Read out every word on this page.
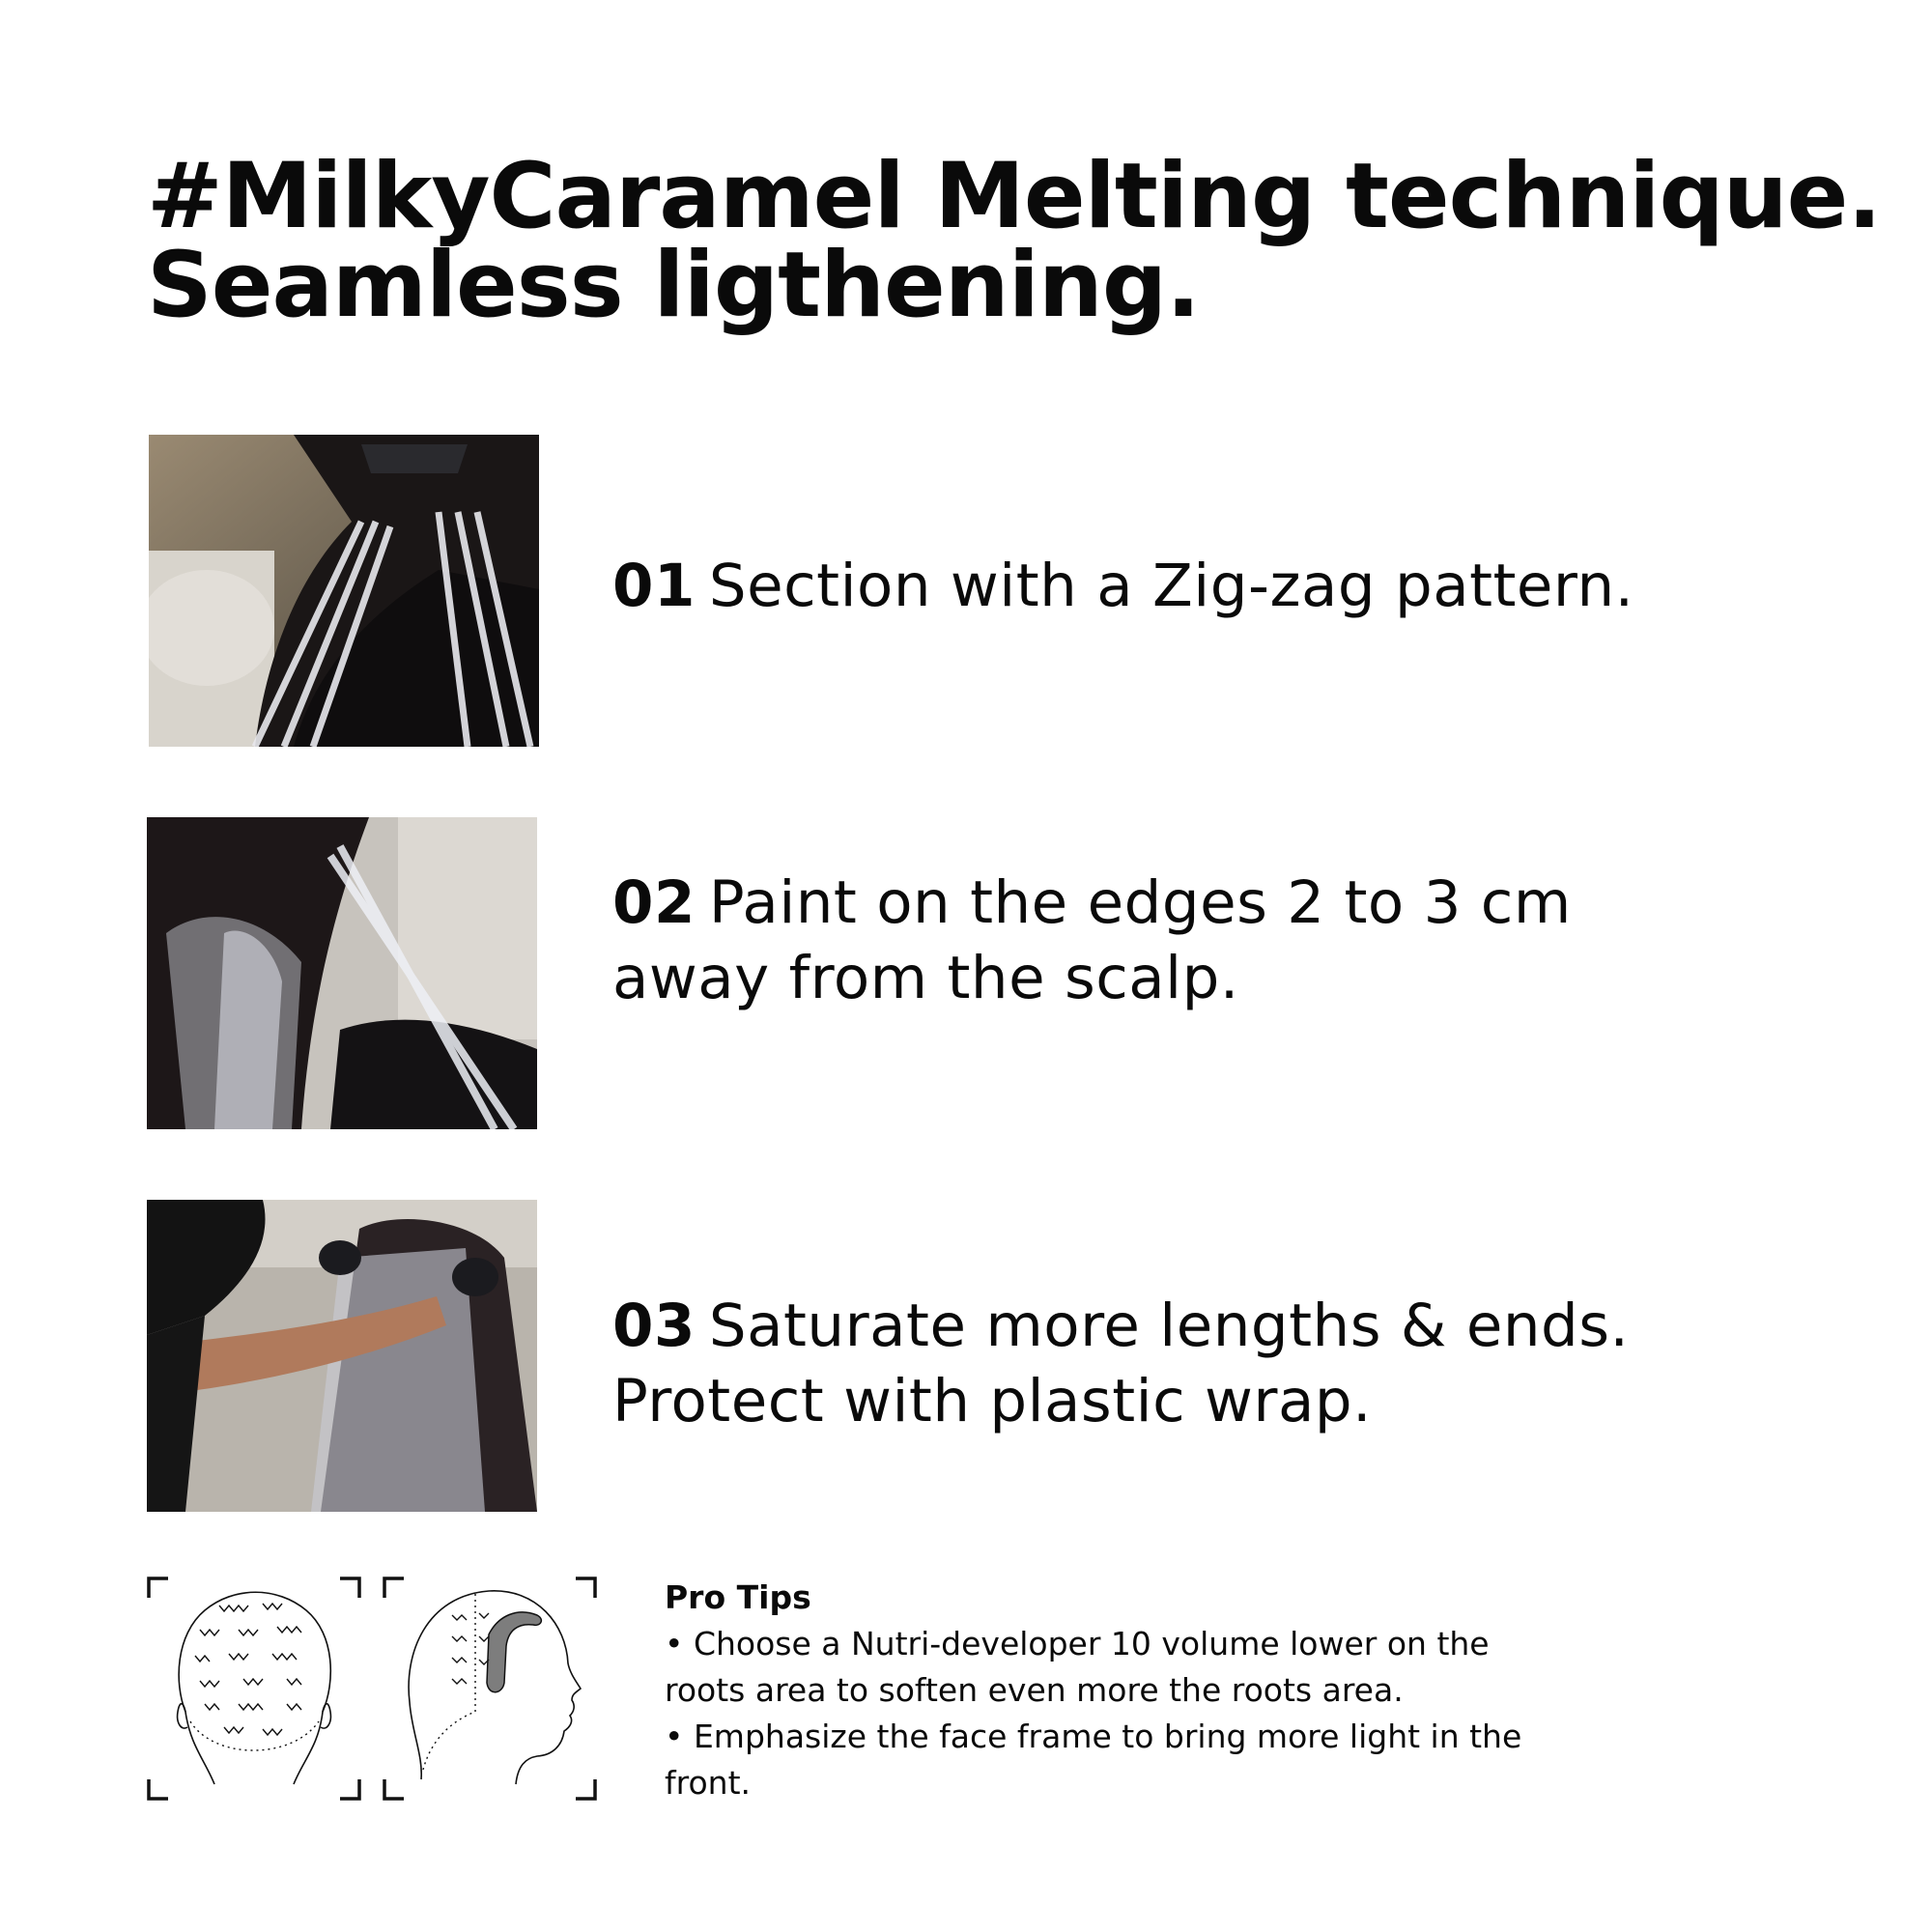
#MilkyCaramel Melting technique.
Seamless ligthening.
01 Section with a Zig-zag pattern.
02 Paint on the edges 2 to 3 cm
away from the scalp.
03 Saturate more lengths & ends.
Protect with plastic wrap.
Pro Tips
• Choose a Nutri-developer 10 volume lower on the
roots area to soften even more the roots area.
• Emphasize the face frame to bring more light in the
front.
